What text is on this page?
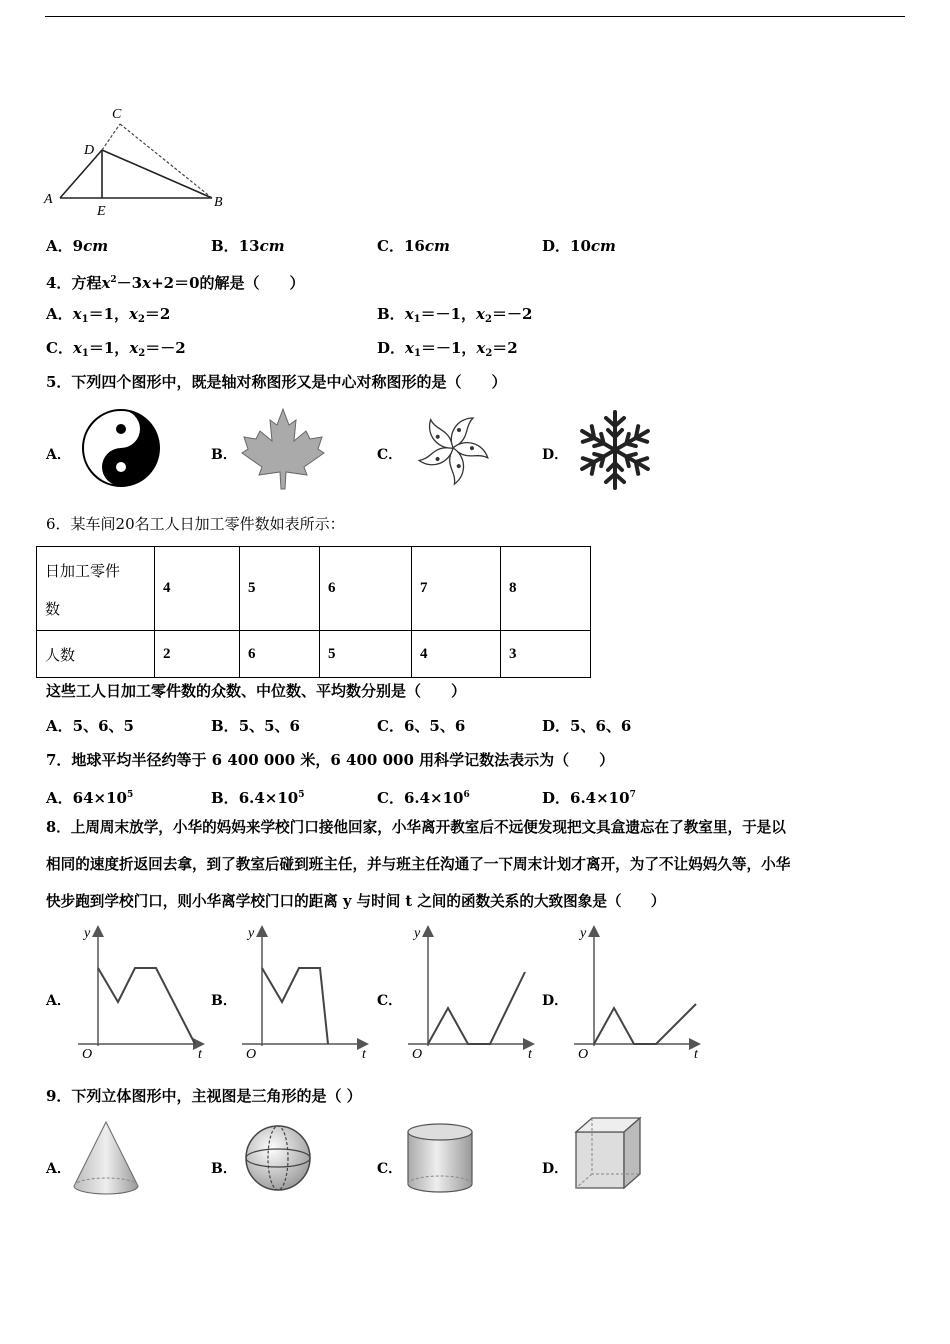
C
D
A
E
B
A．9cm	B．13cm	C．16cm	D．10cm
4．方程$x^2-3x+2=0$的解是（　　）
A．$x_1=1$，$x_2=2$	B．$x_1=-1$，$x_2=-2$
C．$x_1=1$，$x_2=-2$	D．$x_1=-1$，$x_2=2$
5．下列四个图形中，既是轴对称图形又是中心对称图形的是（　　）
A．	B．	C．	D．
6．某车间20名工人日加工零件数如表所示：
日加工零件
数	4	5	6	7	8
人数	2	6	5	4	3
这些工人日加工零件数的众数、中位数、平均数分别是（　　）
A．5、6、5	B．5、5、6	C．6、5、6	D．5、6、6
7．地球平均半径约等于 6 400 000 米，6 400 000 用科学记数法表示为（　　）
A．$64\times 10^5$	B．$6.4\times 10^5$	C．$6.4\times 10^6$	D．$6.4\times 10^7$
8．上周周末放学，小华的妈妈来学校门口接他回家，小华离开教室后不远便发现把文具盒遗忘在了教室里，于是以
相同的速度折返回去拿，到了教室后碰到班主任，并与班主任沟通了一下周末计划才离开，为了不让妈妈久等，小华
快步跑到学校门口，则小华离学校门口的距离 y 与时间 t 之间的函数关系的大致图象是（　　）
A．
y
t
O
B．
y
t
O
C．
y
t
O
D．
y
t
O
9．下列立体图形中，主视图是三角形的是（ ）
A．	B．	C．	D．
